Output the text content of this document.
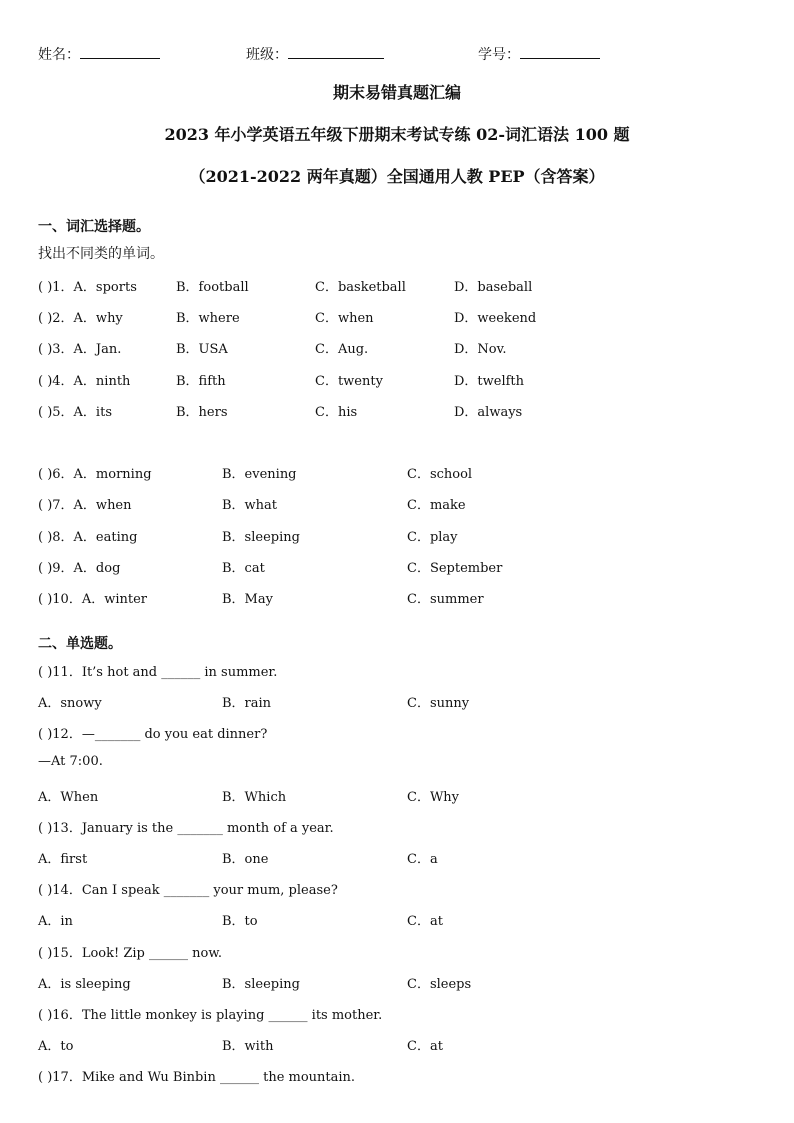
姓名：	班级：	学号：
期末易错真题汇编
2023 年小学英语五年级下册期末考试专练 02-词汇语法 100 题
（2021-2022 两年真题）全国通用人教 PEP（含答案）
一、词汇选择题。
找出不同类的单词。
( )1．A．sports	B．football	C．basketball	D．baseball
( )2．A．why	B．where	C．when	D．weekend
( )3．A．Jan.	B．USA	C．Aug.	D．Nov.
( )4．A．ninth	B．fifth	C．twenty	D．twelfth
( )5．A．its	B．hers	C．his	D．always
( )6．A．morning	B．evening	C．school
( )7．A．when	B．what	C．make
( )8．A．eating	B．sleeping	C．play
( )9．A．dog	B．cat	C．September
( )10．A．winter	B．May	C．summer
二、单选题。
( )11．It’s hot and ______ in summer.
A．snowy	B．rain	C．sunny
( )12．—_______ do you eat dinner?
—At 7:00.
A．When	B．Which	C．Why
( )13．January is the _______ month of a year.
A．first	B．one	C．a
( )14．Can I speak _______ your mum, please?
A．in	B．to	C．at
( )15．Look! Zip ______ now.
A．is sleeping	B．sleeping	C．sleeps
( )16．The little monkey is playing ______ its mother.
A．to	B．with	C．at
( )17．Mike and Wu Binbin ______ the mountain.
